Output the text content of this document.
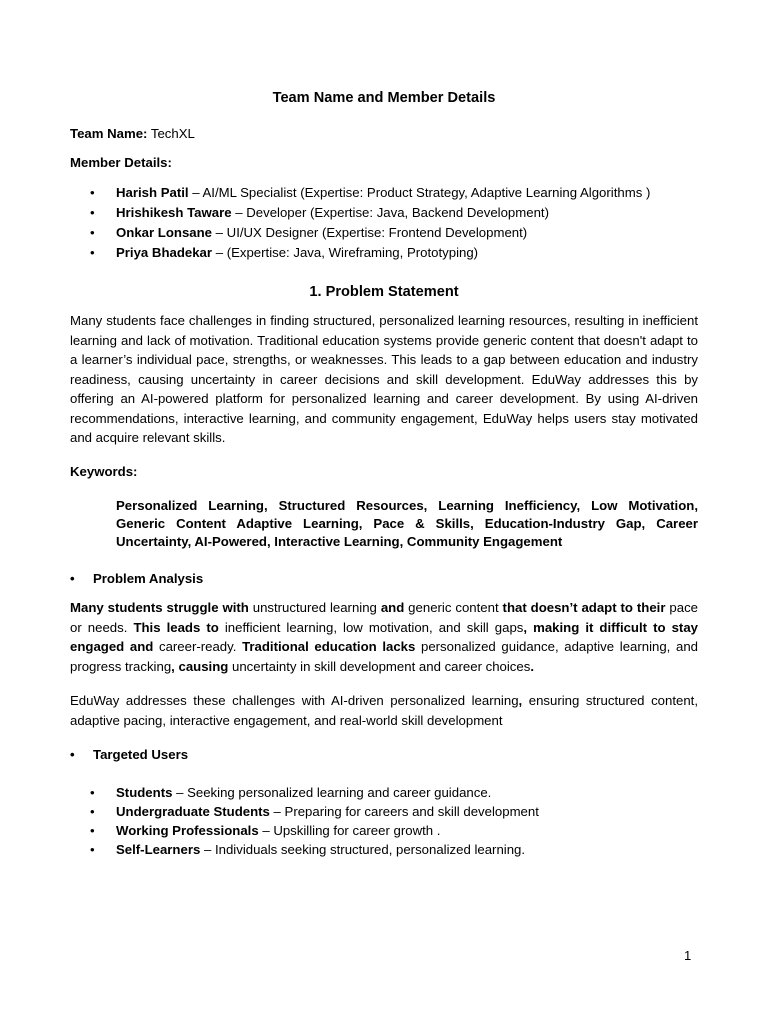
Team Name and Member Details
Team Name: TechXL
Member Details:
• Harish Patil – AI/ML Specialist (Expertise: Product Strategy, Adaptive Learning Algorithms )
• Hrishikesh Taware – Developer (Expertise: Java, Backend Development)
• Onkar Lonsane – UI/UX Designer (Expertise: Frontend Development)
• Priya Bhadekar – (Expertise: Java, Wireframing, Prototyping)
1. Problem Statement

Many students face challenges in finding structured, personalized learning resources, resulting in inefficient learning and lack of motivation. Traditional education systems provide generic content that doesn't adapt to a learner’s individual pace, strengths, or weaknesses. This leads to a gap between education and industry readiness, causing uncertainty in career decisions and skill development. EduWay addresses this by offering an AI-powered platform for personalized learning and career development. By using AI-driven recommendations, interactive learning, and community engagement, EduWay helps users stay motivated and acquire relevant skills.

Keywords:

Personalized Learning, Structured Resources, Learning Inefficiency, Low Motivation, Generic Content Adaptive Learning, Pace & Skills, Education-Industry Gap, Career Uncertainty, AI-Powered, Interactive Learning, Community Engagement

• Problem Analysis

Many students struggle with unstructured learning and generic content that doesn’t adapt to their pace or needs. This leads to inefficient learning, low motivation, and skill gaps, making it difficult to stay engaged and career-ready. Traditional education lacks personalized guidance, adaptive learning, and progress tracking, causing uncertainty in skill development and career choices.

EduWay addresses these challenges with AI-driven personalized learning, ensuring structured content, adaptive pacing, interactive engagement, and real-world skill development

• Targeted Users
• Students – Seeking personalized learning and career guidance.
• Undergraduate Students – Preparing for careers and skill development
• Working Professionals – Upskilling for career growth .
• Self-Learners – Individuals seeking structured, personalized learning.
1
